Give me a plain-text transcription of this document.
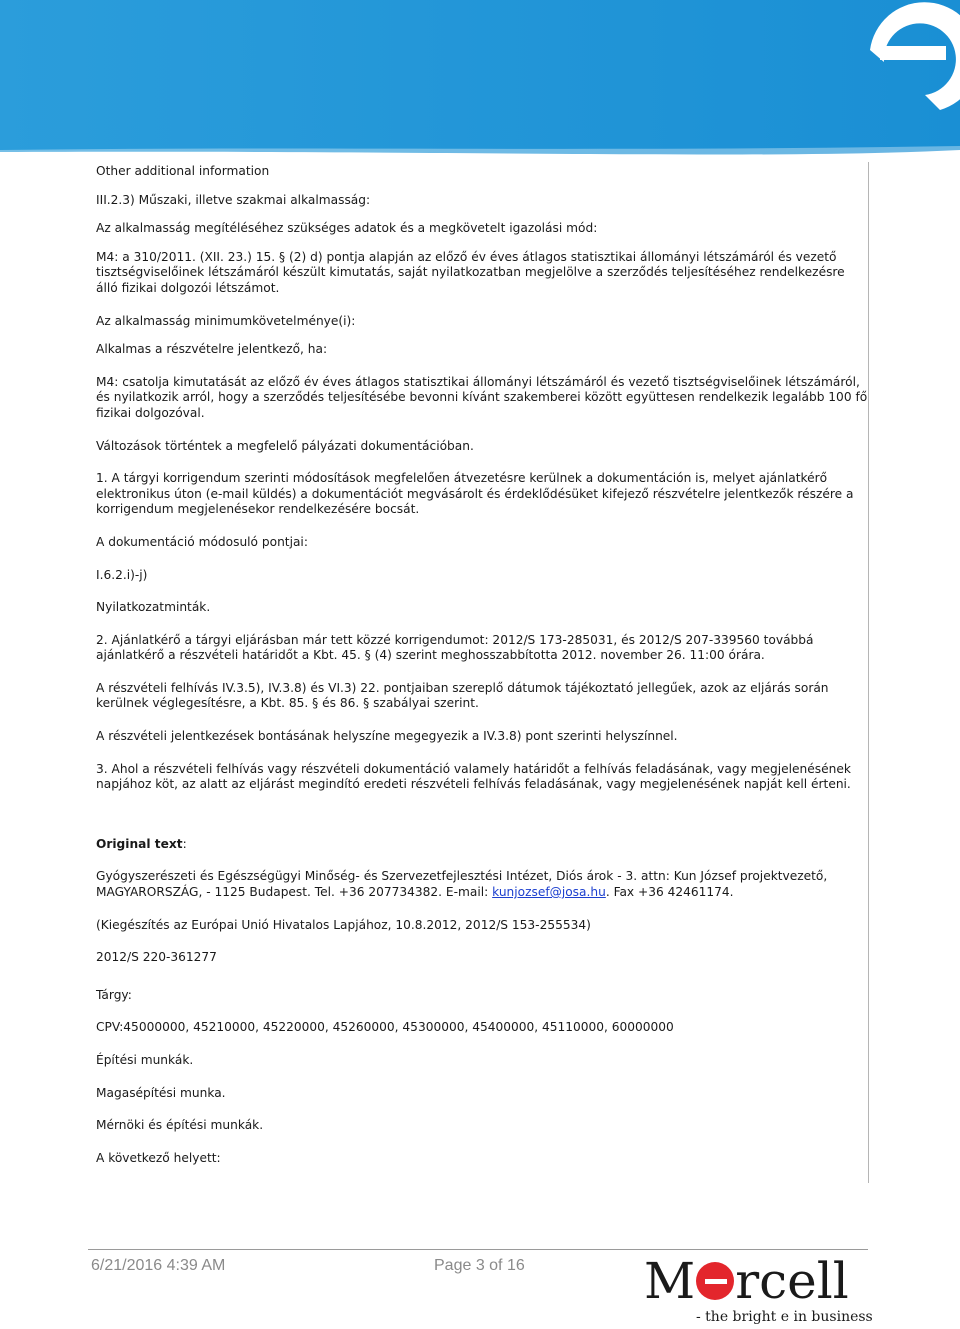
Other additional information

III.2.3) Műszaki, illetve szakmai alkalmasság:

Az alkalmasság megítéléséhez szükséges adatok és a megkövetelt igazolási mód:

M4: a 310/2011. (XII. 23.) 15. § (2) d) pontja alapján az előző év éves átlagos statisztikai állományi létszámáról és vezető tisztségviselőinek létszámáról készült kimutatás, saját nyilatkozatban megjelölve a szerződés teljesítéséhez rendelkezésre álló fizikai dolgozói létszámot.

Az alkalmasság minimumkövetelménye(i):

Alkalmas a részvételre jelentkező, ha:

M4: csatolja kimutatását az előző év éves átlagos statisztikai állományi létszámáról és vezető tisztségviselőinek létszámáról, és nyilatkozik arról, hogy a szerződés teljesítésébe bevonni kívánt szakemberei között együttesen rendelkezik legalább 100 fő fizikai dolgozóval.

Változások történtek a megfelelő pályázati dokumentációban.

1. A tárgyi korrigendum szerinti módosítások megfelelően átvezetésre kerülnek a dokumentáción is, melyet ajánlatkérő elektronikus úton (e-mail küldés) a dokumentációt megvásárolt és érdeklődésüket kifejező részvételre jelentkezők részére a korrigendum megjelenésekor rendelkezésére bocsát.

A dokumentáció módosuló pontjai:

I.6.2.i)-j)

Nyilatkozatminták.

2. Ajánlatkérő a tárgyi eljárásban már tett közzé korrigendumot: 2012/S 173-285031, és 2012/S 207-339560 továbbá ajánlatkérő a részvételi határidőt a Kbt. 45. § (4) szerint meghosszabbította 2012. november 26. 11:00 órára.

A részvételi felhívás IV.3.5), IV.3.8) és VI.3) 22. pontjaiban szereplő dátumok tájékoztató jellegűek, azok az eljárás során kerülnek véglegesítésre, a Kbt. 85. § és 86. § szabályai szerint.

A részvételi jelentkezések bontásának helyszíne megegyezik a IV.3.8) pont szerinti helyszínnel.

3. Ahol a részvételi felhívás vagy részvételi dokumentáció valamely határidőt a felhívás feladásának, vagy megjelenésének napjához köt, az alatt az eljárást megindító eredeti részvételi felhívás feladásának, vagy megjelenésének napját kell érteni.

Original text:

Gyógyszerészeti és Egészségügyi Minőség- és Szervezetfejlesztési Intézet, Diós árok - 3. attn: Kun József projektvezető, MAGYARORSZÁG, - 1125 Budapest. Tel. +36 207734382. E-mail: kunjozsef@josa.hu. Fax +36 42461174.

(Kiegészítés az Európai Unió Hivatalos Lapjához, 10.8.2012, 2012/S 153-255534)

2012/S 220-361277

Tárgy:

CPV:45000000, 45210000, 45220000, 45260000, 45300000, 45400000, 45110000, 60000000

Építési munkák.

Magasépítési munka.

Mérnöki és építési munkák.

A következő helyett:

6/21/2016 4:39 AM	Page 3 of 16 M rcell
- the bright e in business
